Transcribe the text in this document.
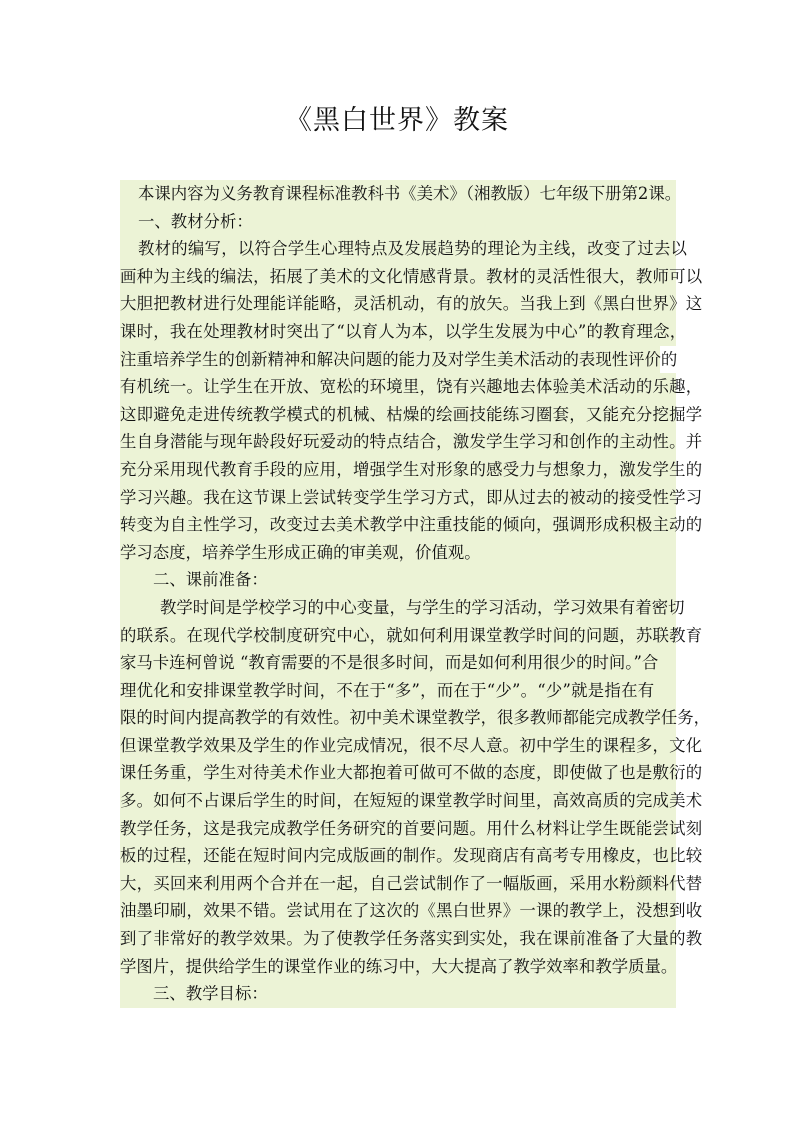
《黑白世界》教案
本课内容为义务教育课程标准教科书《美术》（湘教版）七年级下册第2课。
一、教材分析：
教材的编写，以符合学生心理特点及发展趋势的理论为主线，改变了过去以
画种为主线的编法，拓展了美术的文化情感背景。教材的灵活性很大，教师可以
大胆把教材进行处理能详能略，灵活机动，有的放矢。当我上到《黑白世界》这
课时，我在处理教材时突出了“以育人为本，以学生发展为中心”的教育理念，
注重培养学生的创新精神和解决问题的能力及对学生美术活动的表现性评价的
有机统一。让学生在开放、宽松的环境里，饶有兴趣地去体验美术活动的乐趣，
这即避免走进传统教学模式的机械、枯燥的绘画技能练习圈套，又能充分挖掘学
生自身潜能与现年龄段好玩爱动的特点结合，激发学生学习和创作的主动性。并
充分采用现代教育手段的应用，增强学生对形象的感受力与想象力，激发学生的
学习兴趣。我在这节课上尝试转变学生学习方式，即从过去的被动的接受性学习
转变为自主性学习，改变过去美术教学中注重技能的倾向，强调形成积极主动的
学习态度，培养学生形成正确的审美观，价值观。
二、课前准备：
教学时间是学校学习的中心变量，与学生的学习活动，学习效果有着密切
的联系。在现代学校制度研究中心，就如何利用课堂教学时间的问题，苏联教育
家马卡连柯曾说 “教育需要的不是很多时间，而是如何利用很少的时间。”合
理优化和安排课堂教学时间，不在于“多”，而在于“少”。“少”就是指在有
限的时间内提高教学的有效性。初中美术课堂教学，很多教师都能完成教学任务，
但课堂教学效果及学生的作业完成情况，很不尽人意。初中学生的课程多，文化
课任务重，学生对待美术作业大都抱着可做可不做的态度，即使做了也是敷衍的
多。如何不占课后学生的时间，在短短的课堂教学时间里，高效高质的完成美术
教学任务，这是我完成教学任务研究的首要问题。用什么材料让学生既能尝试刻
板的过程，还能在短时间内完成版画的制作。发现商店有高考专用橡皮，也比较
大，买回来利用两个合并在一起，自己尝试制作了一幅版画，采用水粉颜料代替
油墨印刷，效果不错。尝试用在了这次的《黑白世界》一课的教学上，没想到收
到了非常好的教学效果。为了使教学任务落实到实处，我在课前准备了大量的教
学图片，提供给学生的课堂作业的练习中，大大提高了教学效率和教学质量。
三、教学目标：
